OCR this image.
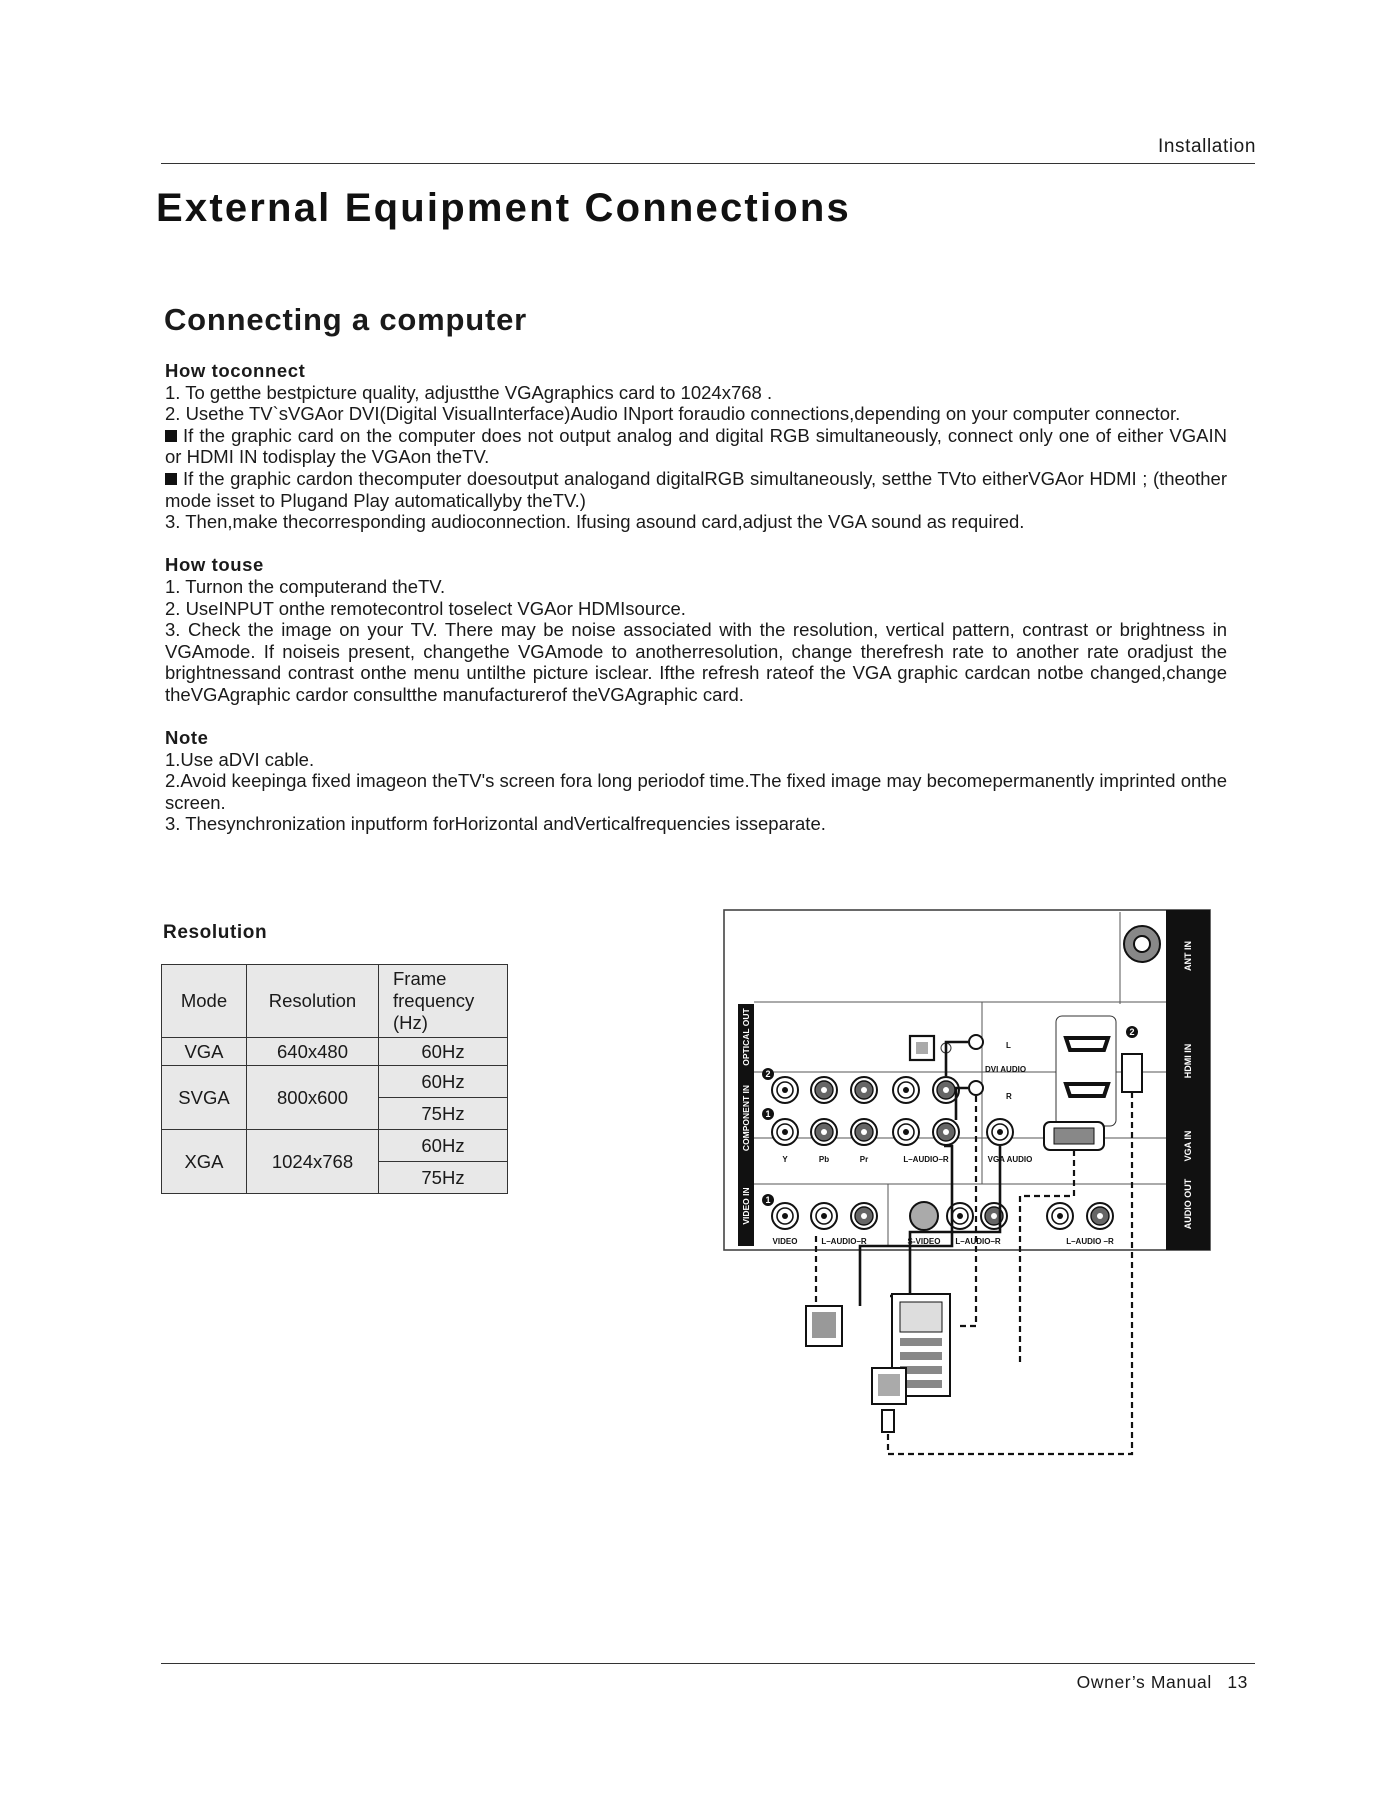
Installation
External Equipment Connections
Connecting a computer
How toconnect

1. To getthe bestpicture quality, adjustthe VGAgraphics card to 1024x768 .

2. Usethe TV`sVGAor DVI(Digital VisualInterface)Audio INport foraudio connections,depending on your computer connector.

If the graphic card on the computer does not output analog and digital RGB simultaneously, connect only one of either VGAIN or HDMI IN todisplay the VGAon theTV.

If the graphic cardon thecomputer doesoutput analogand digitalRGB simultaneously, setthe TVto eitherVGAor HDMI ; (theother mode isset to Plugand Play automaticallyby theTV.)

3. Then,make thecorresponding audioconnection. Ifusing asound card,adjust the VGA sound as required.

How touse

1. Turnon the computerand theTV.

2. UseINPUT onthe remotecontrol toselect VGAor HDMIsource.

3. Check the image on your TV. There may be noise associated with the resolution, vertical pattern, contrast or brightness in VGAmode. If noiseis present, changethe VGAmode to anotherresolution, change therefresh rate to another rate oradjust the brightnessand contrast onthe menu untilthe picture isclear. Ifthe refresh rateof the VGA graphic cardcan notbe changed,change theVGAgraphic cardor consultthe manufacturerof theVGAgraphic card.

Note

1.Use aDVI cable.

2.Avoid keepinga fixed imageon theTV's screen fora long periodof time.The fixed image may becomepermanently imprinted onthe screen.

3. Thesynchronization inputform forHorizontal andVerticalfrequencies isseparate.

Resolution
Mode	Resolution	Frame frequency (Hz)
VGA	640x480	60Hz
SVGA	800x600	60Hz
		75Hz
XGA	1024x768	60Hz
		75Hz
ANT IN
HDMI IN
VGA IN
AUDIO OUT
OPTICAL OUT
COMPONENT IN
VIDEO IN
2
L
DVI AUDIO
R
2
1
Y	Pb	Pr	L–AUDIO–R	VGA AUDIO
1
VIDEO	L–AUDIO–R	S-VIDEO L–AUDIO–R	L–AUDIO –R
Owner’s Manual 13
